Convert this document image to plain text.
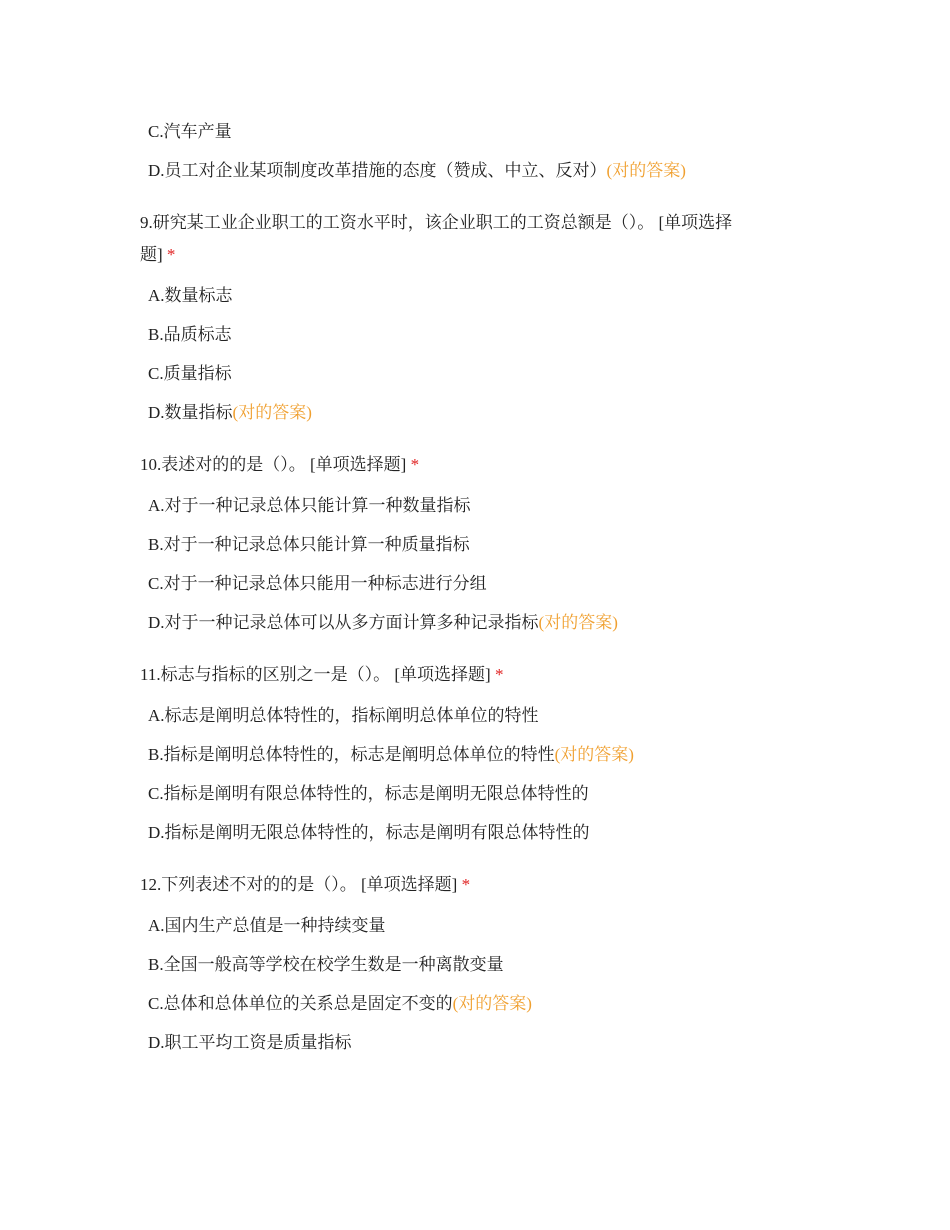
C.汽车产量
D.员工对企业某项制度改革措施的态度（赞成、中立、反对）(对的答案)
9.研究某工业企业职工的工资水平时，该企业职工的工资总额是（）。 [单项选择
题] *
A.数量标志
B.品质标志
C.质量指标
D.数量指标(对的答案)
10.表述对的的是（）。 [单项选择题] *
A.对于一种记录总体只能计算一种数量指标
B.对于一种记录总体只能计算一种质量指标
C.对于一种记录总体只能用一种标志进行分组
D.对于一种记录总体可以从多方面计算多种记录指标(对的答案)
11.标志与指标的区别之一是（）。 [单项选择题] *
A.标志是阐明总体特性的，指标阐明总体单位的特性
B.指标是阐明总体特性的，标志是阐明总体单位的特性(对的答案)
C.指标是阐明有限总体特性的，标志是阐明无限总体特性的
D.指标是阐明无限总体特性的，标志是阐明有限总体特性的
12.下列表述不对的的是（）。 [单项选择题] *
A.国内生产总值是一种持续变量
B.全国一般高等学校在校学生数是一种离散变量
C.总体和总体单位的关系总是固定不变的(对的答案)
D.职工平均工资是质量指标
